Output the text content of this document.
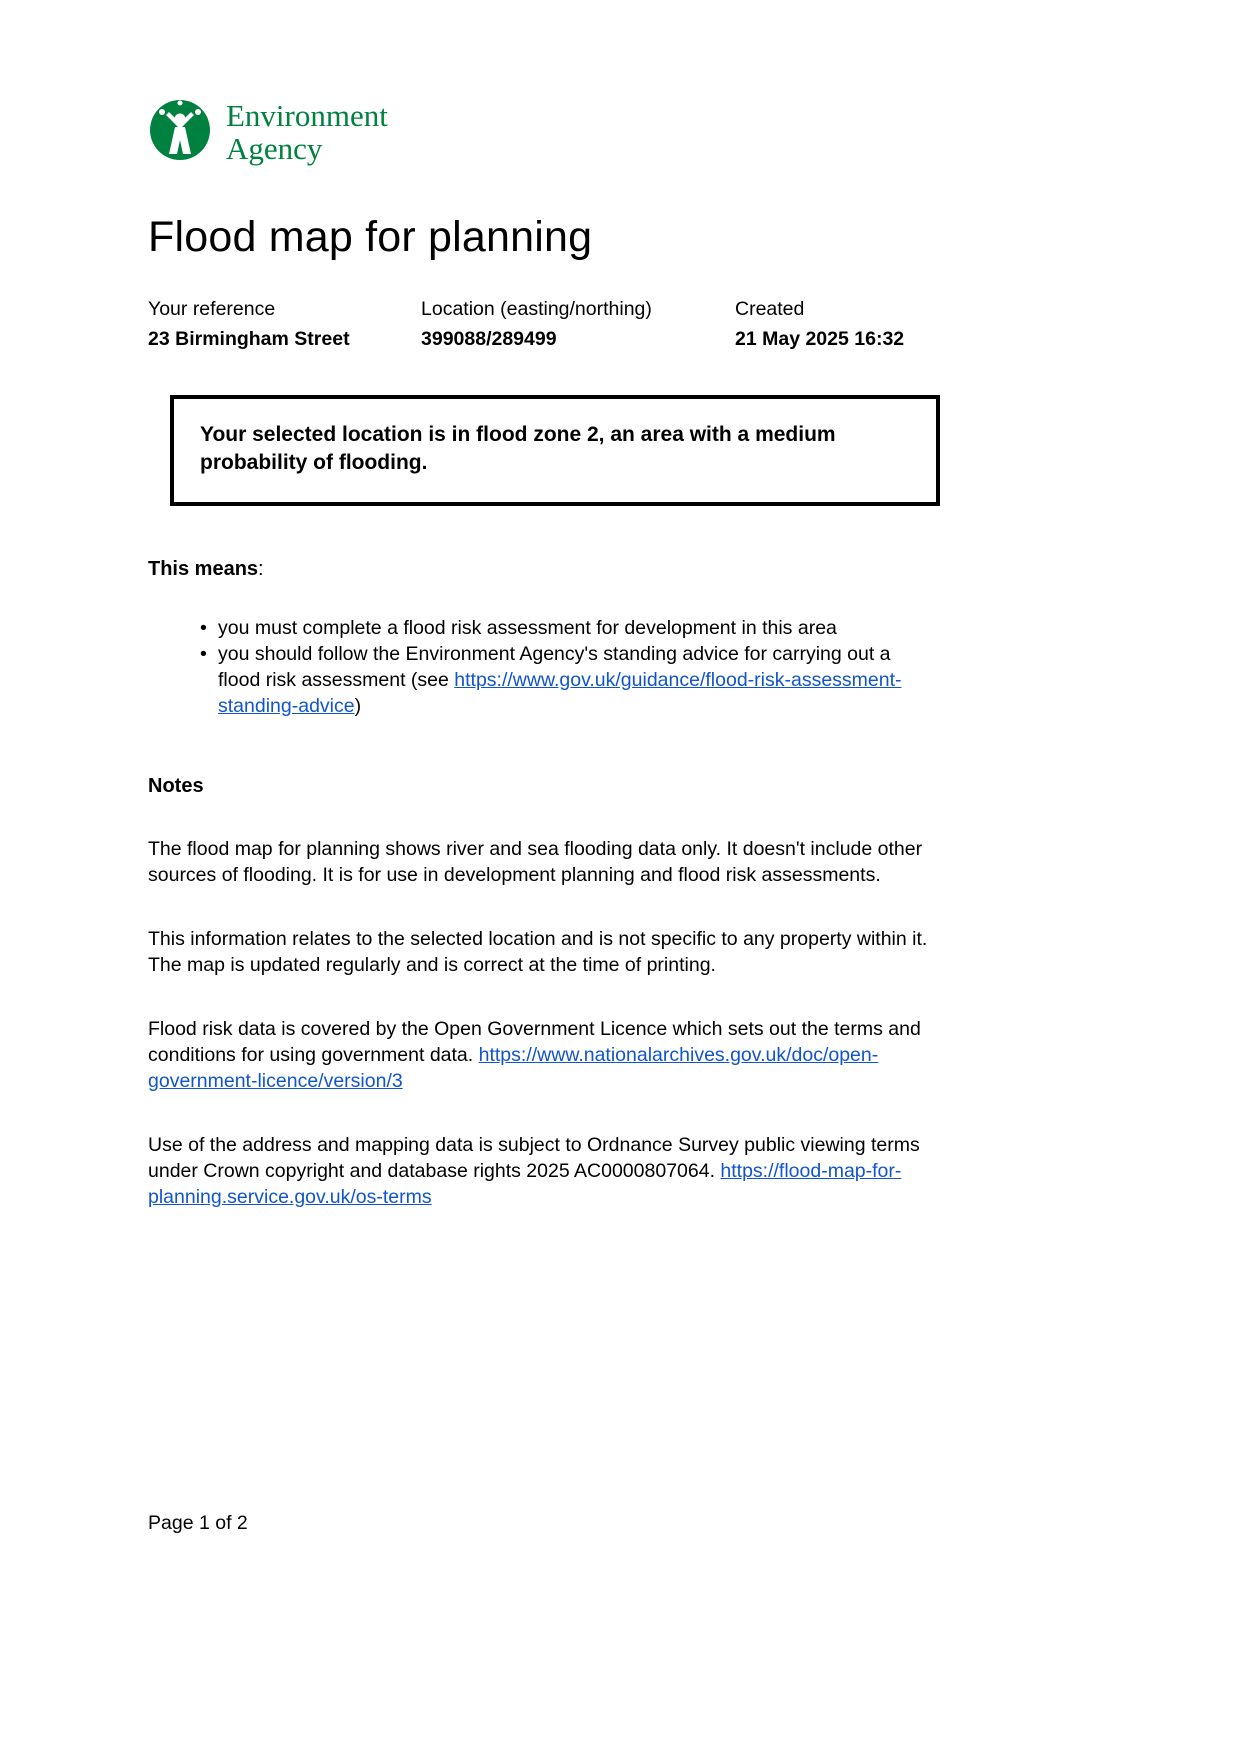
Environment
Agency
Flood map for planning
Your reference
23 Birmingham Street
Location (easting/northing)
399088/289499
Created
21 May 2025 16:32
Your selected location is in flood zone 2, an area with a medium probability of flooding.
This means:
• you must complete a flood risk assessment for development in this area
• you should follow the Environment Agency's standing advice for carrying out a flood risk assessment (see https://www.gov.uk/guidance/flood-risk-assessment-standing-advice)
Notes

The flood map for planning shows river and sea flooding data only. It doesn't include other sources of flooding. It is for use in development planning and flood risk assessments.

This information relates to the selected location and is not specific to any property within it. The map is updated regularly and is correct at the time of printing.

Flood risk data is covered by the Open Government Licence which sets out the terms and conditions for using government data. https://www.nationalarchives.gov.uk/doc/open-government-licence/version/3

Use of the address and mapping data is subject to Ordnance Survey public viewing terms under Crown copyright and database rights 2025 AC0000807064. https://flood-map-for-planning.service.gov.uk/os-terms

Page 1 of 2
